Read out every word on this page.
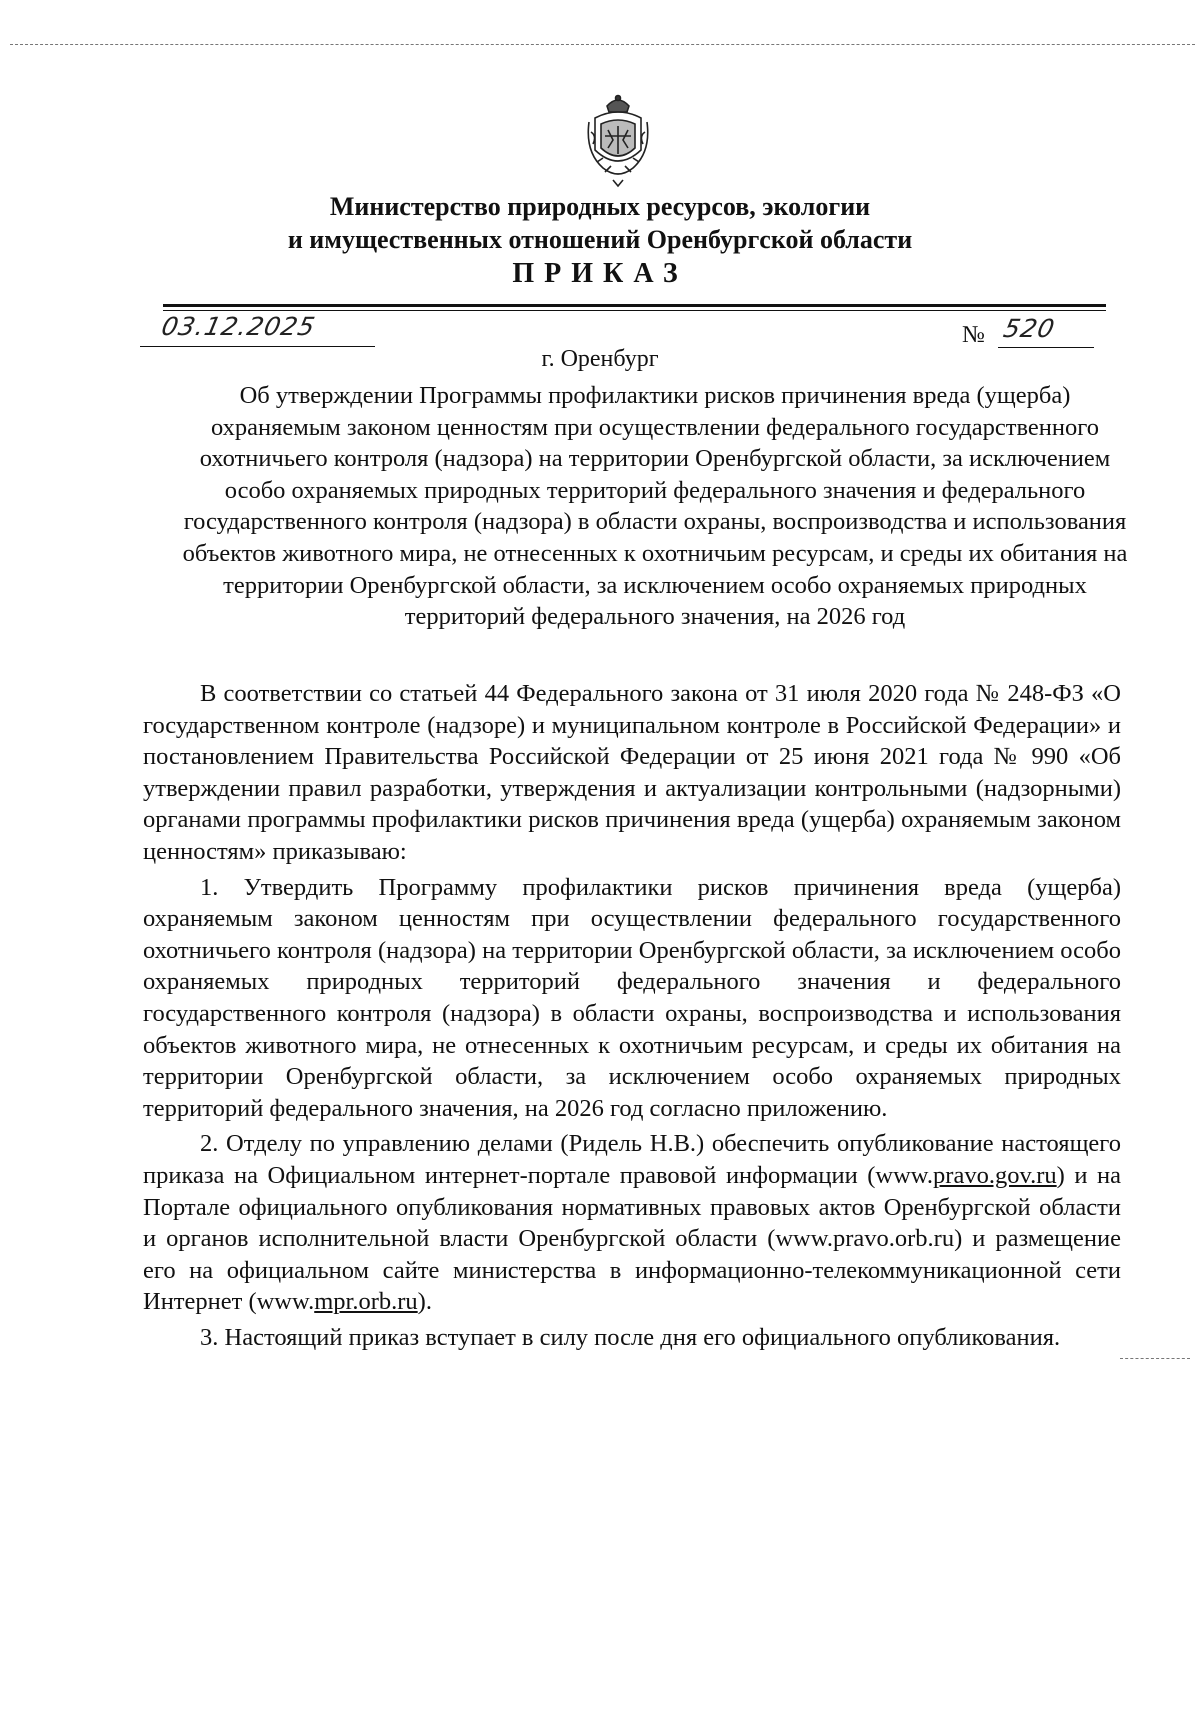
Министерство природных ресурсов, экологии
и имущественных отношений Оренбургской области
ПРИКАЗ
03.12.2025	№ 520
г. Оренбург
Об утверждении Программы профилактики рисков причинения вреда (ущерба) охраняемым законом ценностям при осуществлении федерального государственного охотничьего контроля (надзора) на территории Оренбургской области, за исключением особо охраняемых природных территорий федерального значения и федерального государственного контроля (надзора) в области охраны, воспроизводства и использования объектов животного мира, не отнесенных к охотничьим ресурсам, и среды их обитания на территории Оренбургской области, за исключением особо охраняемых природных территорий федерального значения, на 2026 год

В соответствии со статьей 44 Федерального закона от 31 июля 2020 года № 248-ФЗ «О государственном контроле (надзоре) и муниципальном контроле в Российской Федерации» и постановлением Правительства Российской Федерации от 25 июня 2021 года № 990 «Об утверждении правил разработки, утверждения и актуализации контрольными (надзорными) органами программы профилактики рисков причинения вреда (ущерба) охраняемым законом ценностям» приказываю:

1. Утвердить Программу профилактики рисков причинения вреда (ущерба) охраняемым законом ценностям при осуществлении федерального государственного охотничьего контроля (надзора) на территории Оренбургской области, за исключением особо охраняемых природных территорий федерального значения и федерального государственного контроля (надзора) в области охраны, воспроизводства и использования объектов животного мира, не отнесенных к охотничьим ресурсам, и среды их обитания на территории Оренбургской области, за исключением особо охраняемых природных территорий федерального значения, на 2026 год согласно приложению.

2. Отделу по управлению делами (Ридель Н.В.) обеспечить опубликование настоящего приказа на Официальном интернет-портале правовой информации (www.pravo.gov.ru) и на Портале официального опубликования нормативных правовых актов Оренбургской области и органов исполнительной власти Оренбургской области (www.pravo.orb.ru) и размещение его на официальном сайте министерства в информационно-телекоммуникационной сети Интернет (www.mpr.orb.ru).

3. Настоящий приказ вступает в силу после дня его официального опубликования.
